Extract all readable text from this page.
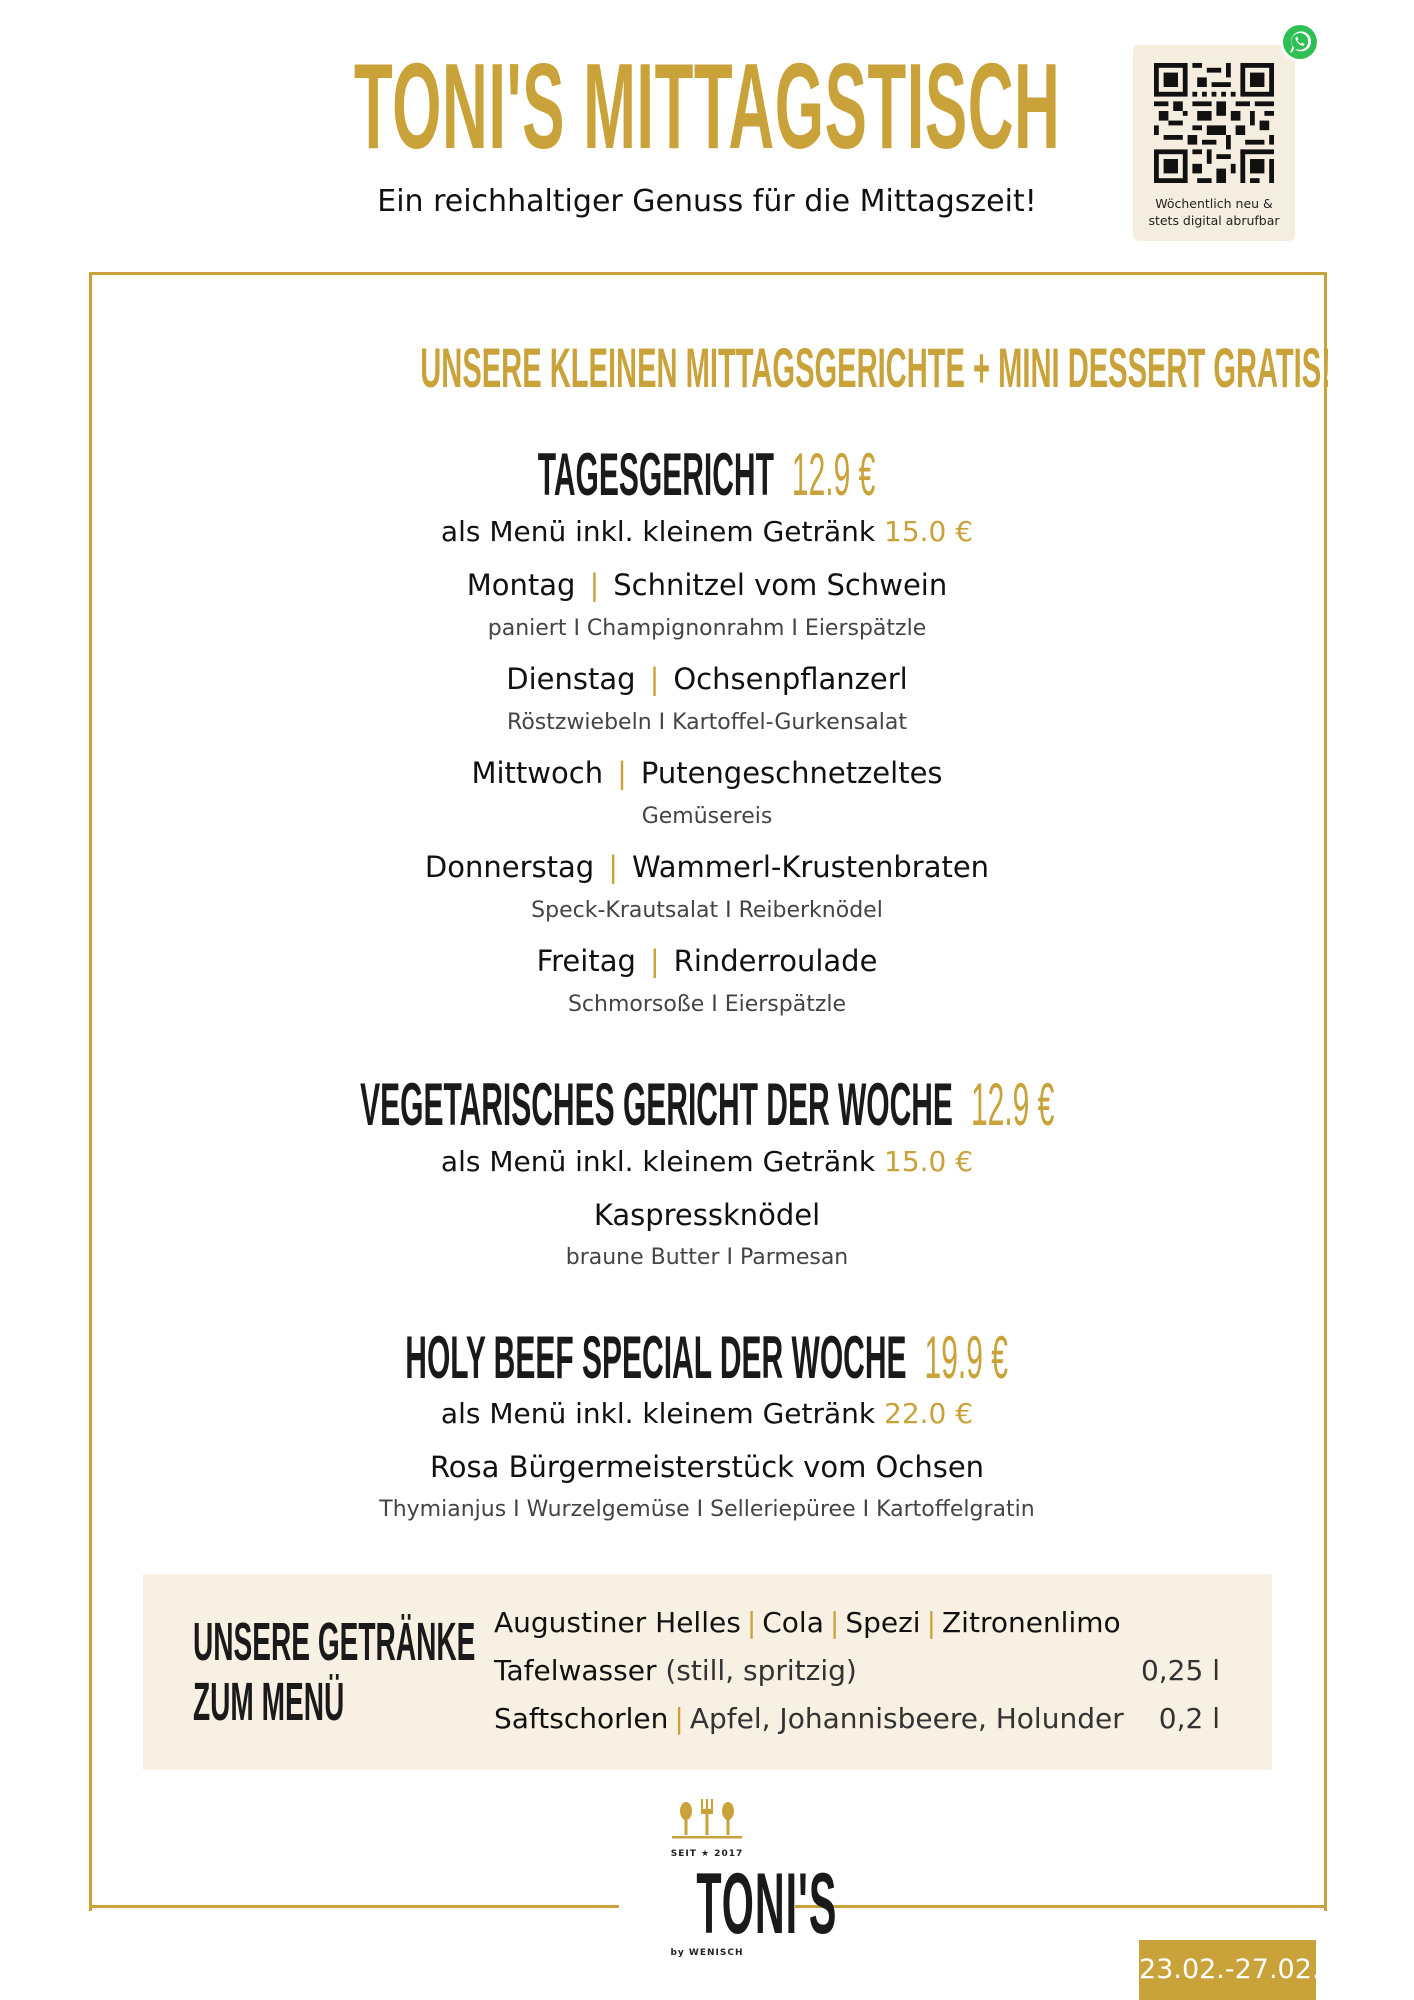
TONI'S MITTAGSTISCH
Ein reichhaltiger Genuss für die Mittagszeit!	Wöchentlich neu &
stets digital abrufbar
UNSERE KLEINEN MITTAGSGERICHTE + MINI DESSERT GRATIS!
TAGESGERICHT 12.9 €
als Menü inkl. kleinem Getränk 15.0 €
Montag | Schnitzel vom Schwein
paniert I Champignonrahm I Eierspätzle
Dienstag | Ochsenpflanzerl
Röstzwiebeln I Kartoffel-Gurkensalat
Mittwoch | Putengeschnetzeltes
Gemüsereis
Donnerstag | Wammerl-Krustenbraten
Speck-Krautsalat I Reiberknödel
Freitag | Rinderroulade
Schmorsoße I Eierspätzle
VEGETARISCHES GERICHT DER WOCHE 12.9 €
als Menü inkl. kleinem Getränk 15.0 €
Kaspressknödel
braune Butter I Parmesan
HOLY BEEF SPECIAL DER WOCHE 19.9 €
als Menü inkl. kleinem Getränk 22.0 €
Rosa Bürgermeisterstück vom Ochsen
Thymianjus I Wurzelgemüse I Selleriepüree I Kartoffelgratin
UNSERE GETRÄNKE
ZUM MENÜ
Augustiner Helles | Cola | Spezi | Zitronenlimo
Tafelwasser (still, spritzig)	0,25 l
Saftschorlen | Apfel, Johannisbeere, Holunder 0,2 l
SEIT ★ 2017
TONI'S
by WENISCH
23.02.-27.02.
